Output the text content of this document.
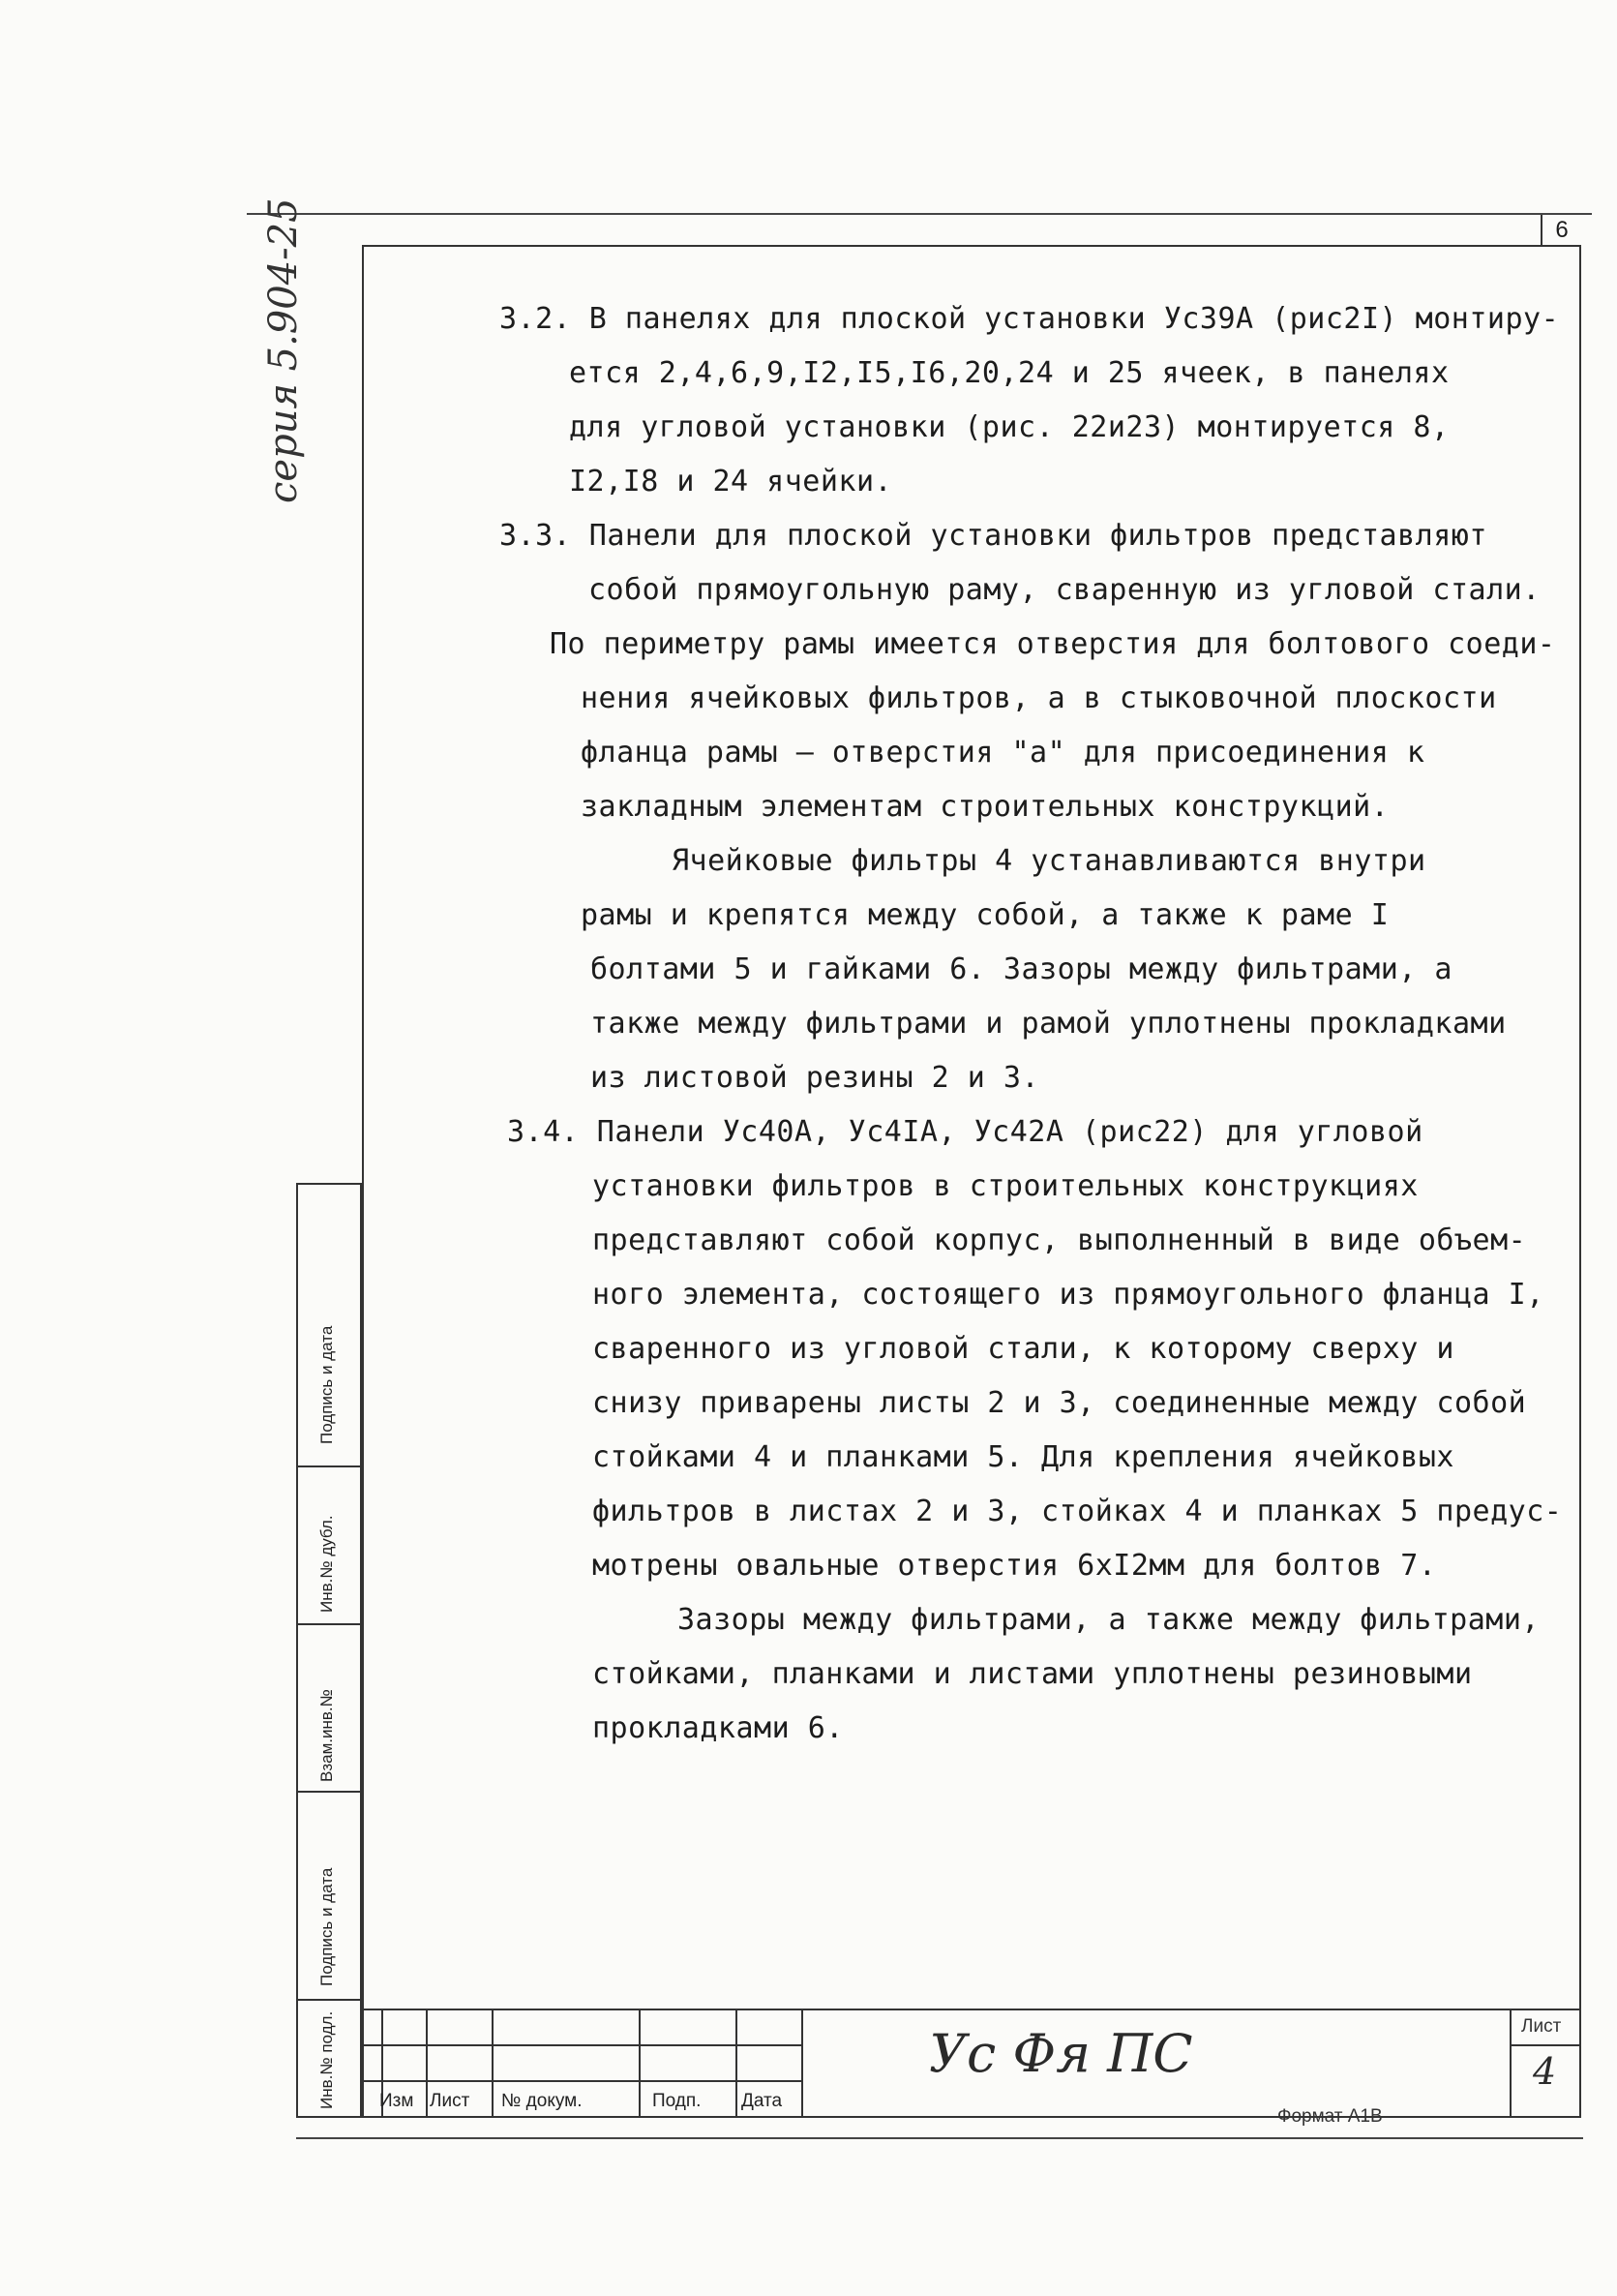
6
серия 5.904-25
Подпись и дата
Инв.№ дубл.
Взам.инв.№
Подпись и дата
Инв.№ подл.
3.2. В панелях для плоской установки Ус39А (рис2I) монтиру-
ется 2,4,6,9,I2,I5,I6,20,24 и 25 ячеек, в панелях
для угловой установки (рис. 22и23) монтируется 8,
I2,I8 и 24 ячейки.
3.3. Панели для плоской установки фильтров представляют
собой прямоугольную раму, сваренную из угловой стали.
По периметру рамы имеется отверстия для болтового соеди-
нения ячейковых фильтров, а в стыковочной плоскости
фланца рамы – отверстия "а" для присоединения к
закладным элементам строительных конструкций.
Ячейковые фильтры 4 устанавливаются внутри
рамы и крепятся между собой, а также к раме I
болтами 5 и гайками 6. Зазоры между фильтрами, а
также между фильтрами и рамой уплотнены прокладками
из листовой резины 2 и 3.
3.4. Панели Ус40А, Ус4IА, Ус42А (рис22) для угловой
установки фильтров в строительных конструкциях
представляют собой корпус, выполненный в виде объем-
ного элемента, состоящего из прямоугольного фланца I,
сваренного из угловой стали, к которому сверху и
снизу приварены листы 2 и 3, соединенные между собой
стойками 4 и планками 5. Для крепления ячейковых
фильтров в листах 2 и 3, стойках 4 и планках 5 предус-
мотрены овальные отверстия 6хI2мм для болтов 7.
Зазоры между фильтрами, а также между фильтрами,
стойками, планками и листами уплотнены резиновыми
прокладками 6.
Изм Лист № докум.	Подп. Дата
Ус Фя ПС	Лист
4
Формат А1В
